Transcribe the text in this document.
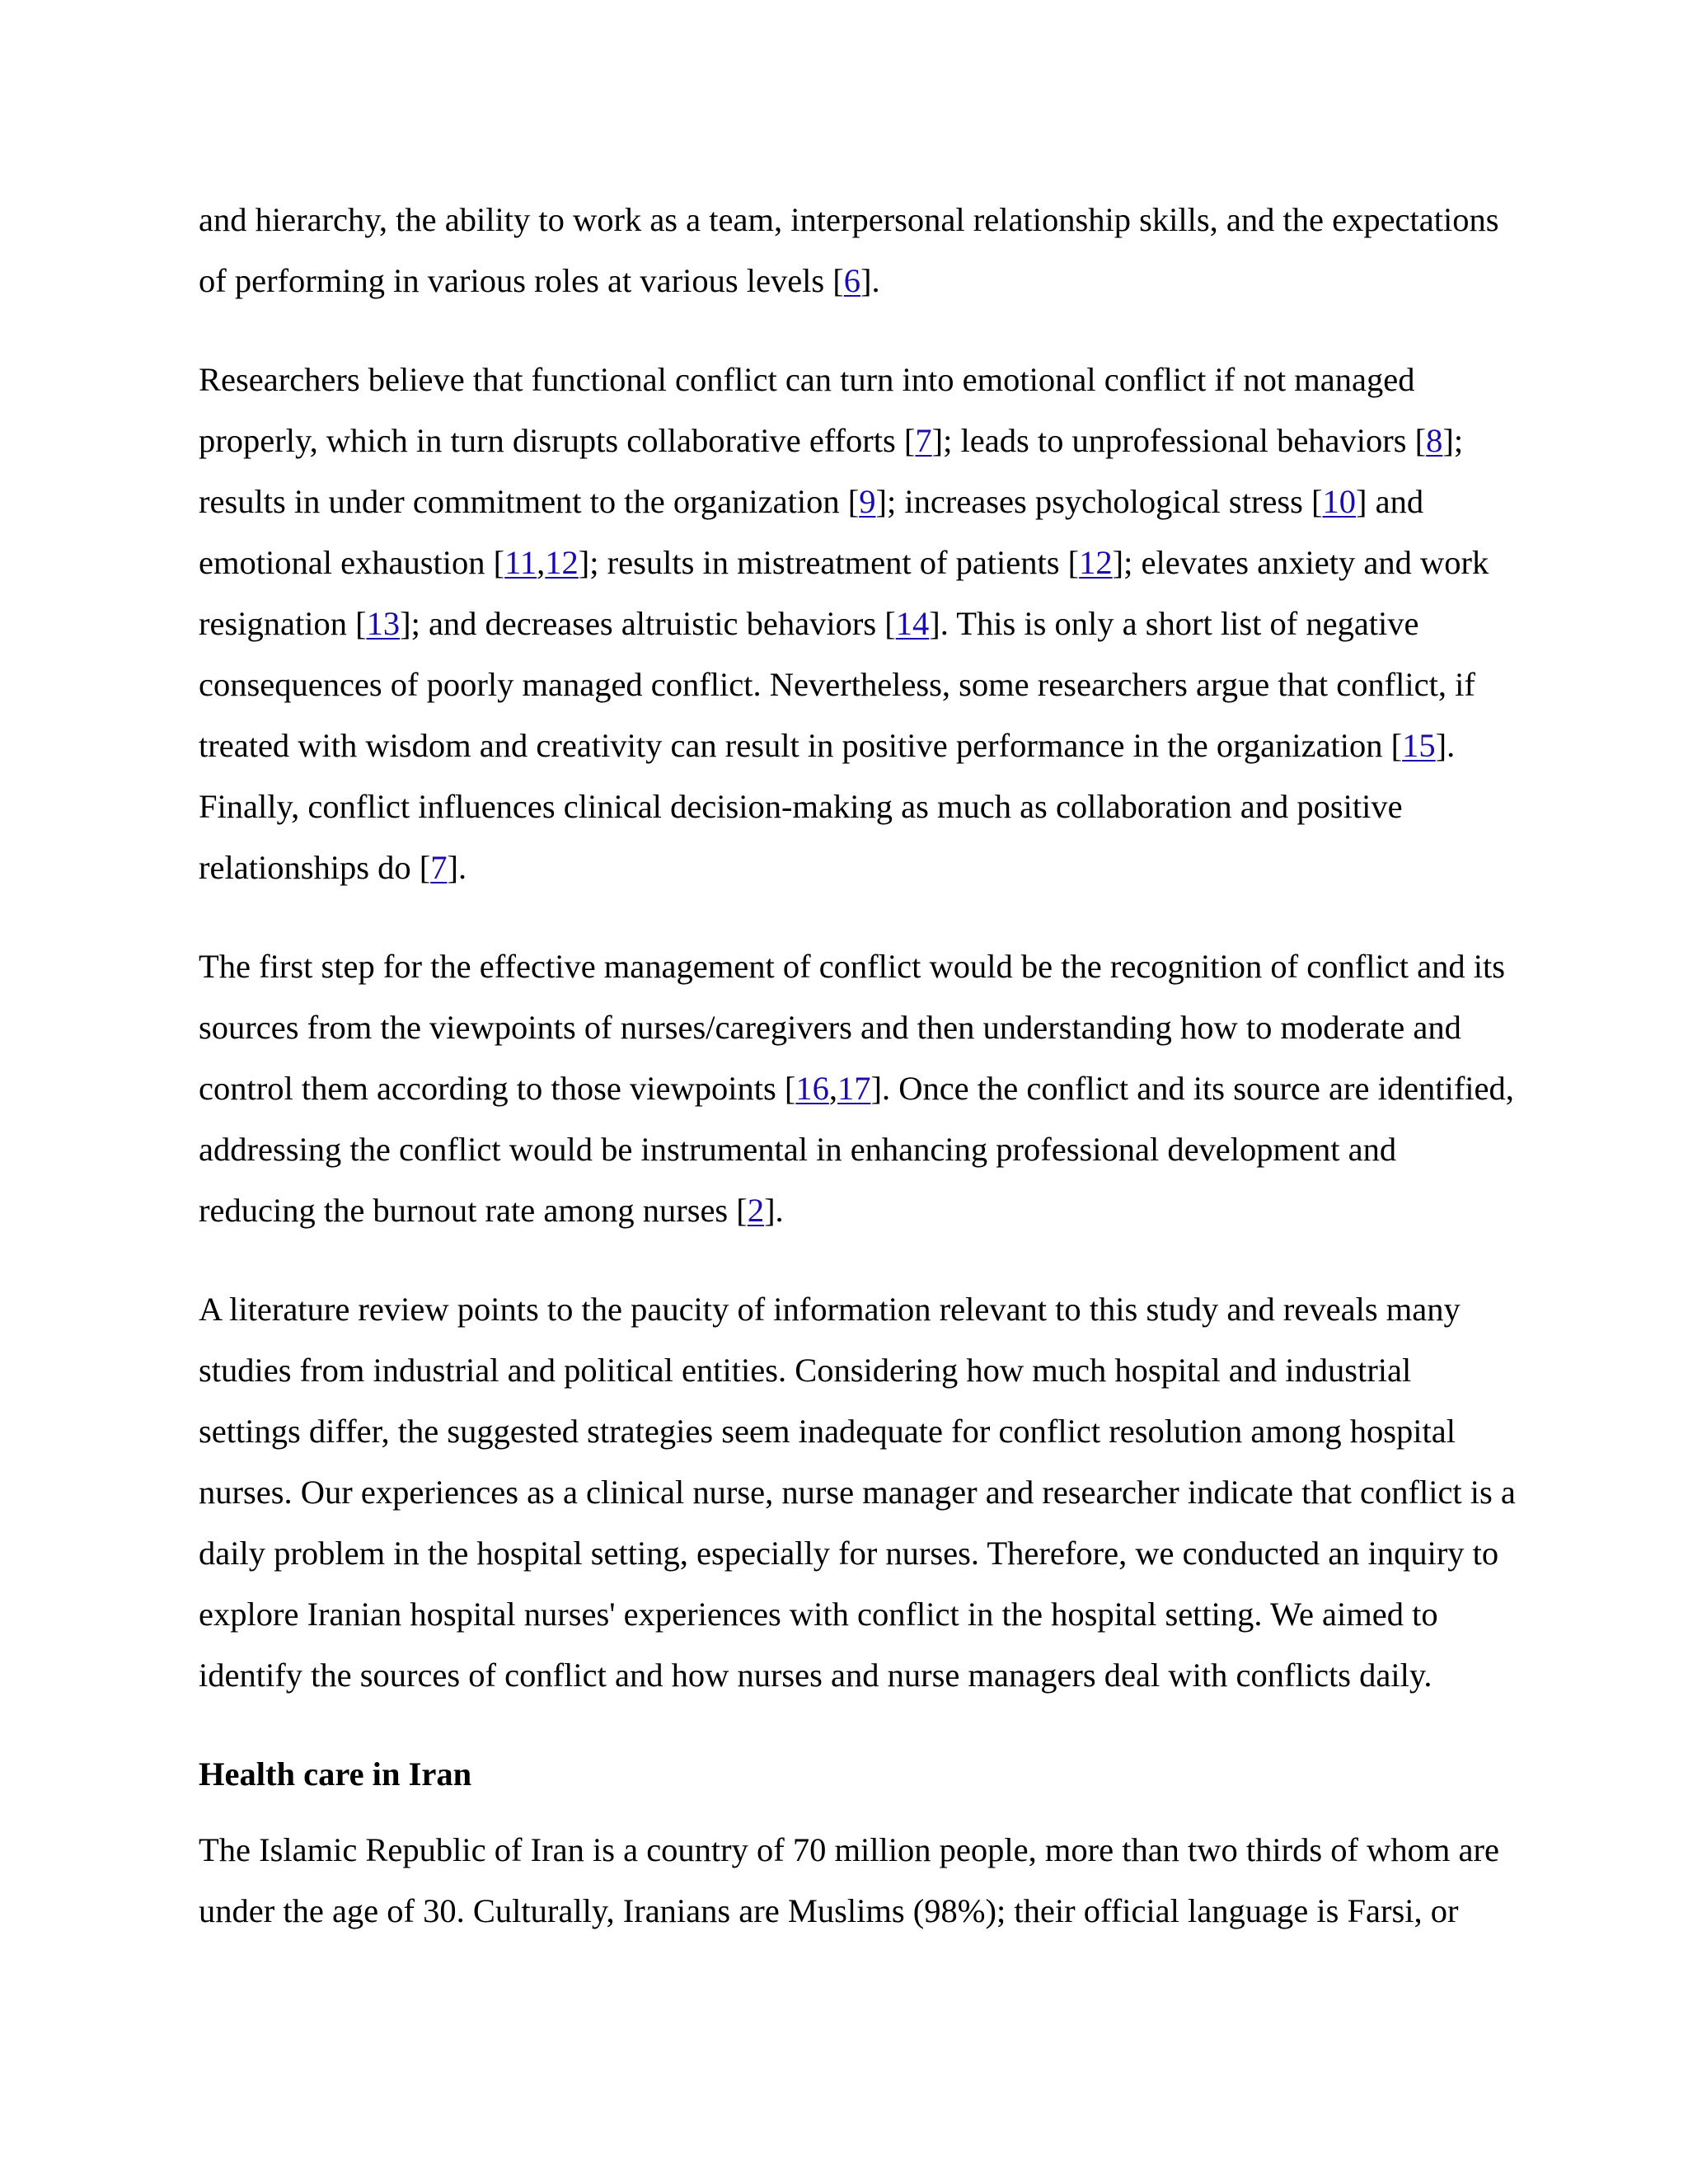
and hierarchy, the ability to work as a team, interpersonal relationship skills, and the expectations of performing in various roles at various levels [6].

Researchers believe that functional conflict can turn into emotional conflict if not managed properly, which in turn disrupts collaborative efforts [7]; leads to unprofessional behaviors [8]; results in under commitment to the organization [9]; increases psychological stress [10] and emotional exhaustion [11,12]; results in mistreatment of patients [12]; elevates anxiety and work resignation [13]; and decreases altruistic behaviors [14]. This is only a short list of negative consequences of poorly managed conflict. Nevertheless, some researchers argue that conflict, if treated with wisdom and creativity can result in positive performance in the organization [15]. Finally, conflict influences clinical decision-making as much as collaboration and positive relationships do [7].

The first step for the effective management of conflict would be the recognition of conflict and its sources from the viewpoints of nurses/caregivers and then understanding how to moderate and control them according to those viewpoints [16,17]. Once the conflict and its source are identified, addressing the conflict would be instrumental in enhancing professional development and reducing the burnout rate among nurses [2].

A literature review points to the paucity of information relevant to this study and reveals many studies from industrial and political entities. Considering how much hospital and industrial settings differ, the suggested strategies seem inadequate for conflict resolution among hospital nurses. Our experiences as a clinical nurse, nurse manager and researcher indicate that conflict is a daily problem in the hospital setting, especially for nurses. Therefore, we conducted an inquiry to explore Iranian hospital nurses' experiences with conflict in the hospital setting. We aimed to identify the sources of conflict and how nurses and nurse managers deal with conflicts daily.

Health care in Iran

The Islamic Republic of Iran is a country of 70 million people, more than two thirds of whom are under the age of 30. Culturally, Iranians are Muslims (98%); their official language is Farsi, or
